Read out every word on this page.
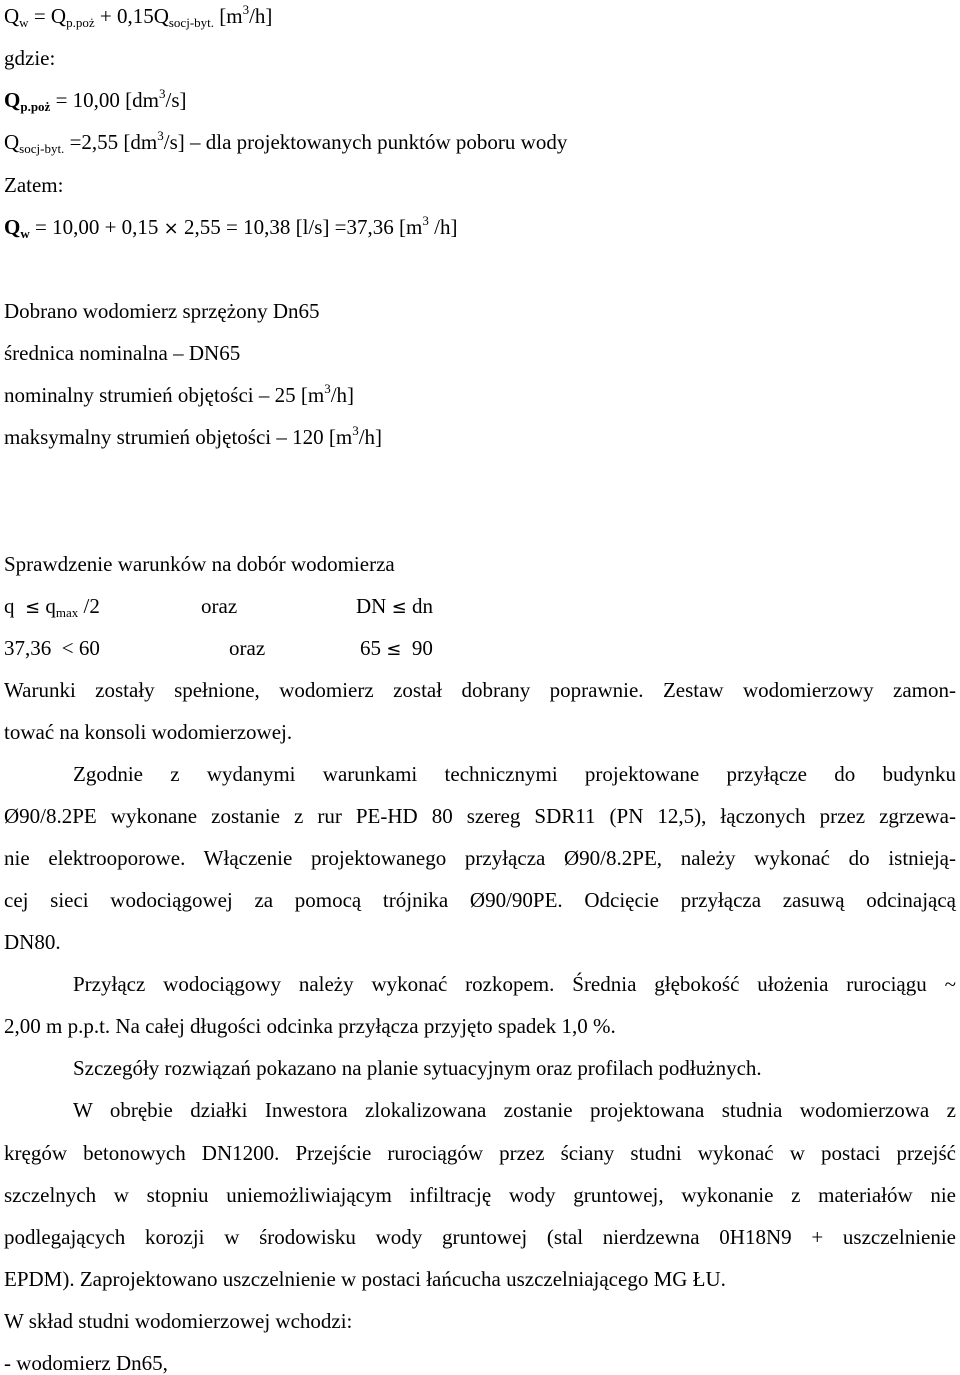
$Q_w = Q_{p.poż} + 0,15Q_{socj-byt.}$ $[m^3/h]$
gdzie:
$Q_{p.poż} = 10,00$ $[dm^3/s]$
$Q_{socj-byt.} =2,55$ $[dm^3/s]$ – dla projektowanych punktów poboru wody
Zatem:
$Q_w = 10,00 + 0,15 \times 2,55 = 10,38$ [l/s] =37,36 [$m^3$ /h]
Dobrano wodomierz sprzężony Dn65
średnica nominalna – DN65
nominalny strumień objętości – 25 $[m^3/h]$
maksymalny strumień objętości – 120 $[m^3/h]$
Sprawdzenie warunków na dobór wodomierza
$q \le q_{max}$ /2	oraz	DN ≤ dn
37,36 < 60	oraz	65 ≤ 90
Warunki zostały spełnione, wodomierz został dobrany poprawnie. Zestaw wodomierzowy zamon-
tować na konsoli wodomierzowej.
Zgodnie z wydanymi warunkami technicznymi projektowane przyłącze do budynku
Ø90/8.2PE wykonane zostanie z rur PE-HD 80 szereg SDR11 (PN 12,5), łączonych przez zgrzewa-
nie elektrooporowe. Włączenie projektowanego przyłącza Ø90/8.2PE, należy wykonać do istnieją-
cej sieci wodociągowej za pomocą trójnika Ø90/90PE. Odcięcie przyłącza zasuwą odcinającą
DN80.
Przyłącz wodociągowy należy wykonać rozkopem. Średnia głębokość ułożenia rurociągu ~
2,00 m p.p.t. Na całej długości odcinka przyłącza przyjęto spadek 1,0 %.
Szczegóły rozwiązań pokazano na planie sytuacyjnym oraz profilach podłużnych.
W obrębie działki Inwestora zlokalizowana zostanie projektowana studnia wodomierzowa z
kręgów betonowych DN1200. Przejście rurociągów przez ściany studni wykonać w postaci przejść
szczelnych w stopniu uniemożliwiającym infiltrację wody gruntowej, wykonanie z materiałów nie
podlegających korozji w środowisku wody gruntowej (stal nierdzewna 0H18N9 + uszczelnienie
EPDM). Zaprojektowano uszczelnienie w postaci łańcucha uszczelniającego MG ŁU.
W skład studni wodomierzowej wchodzi:
- wodomierz Dn65,
